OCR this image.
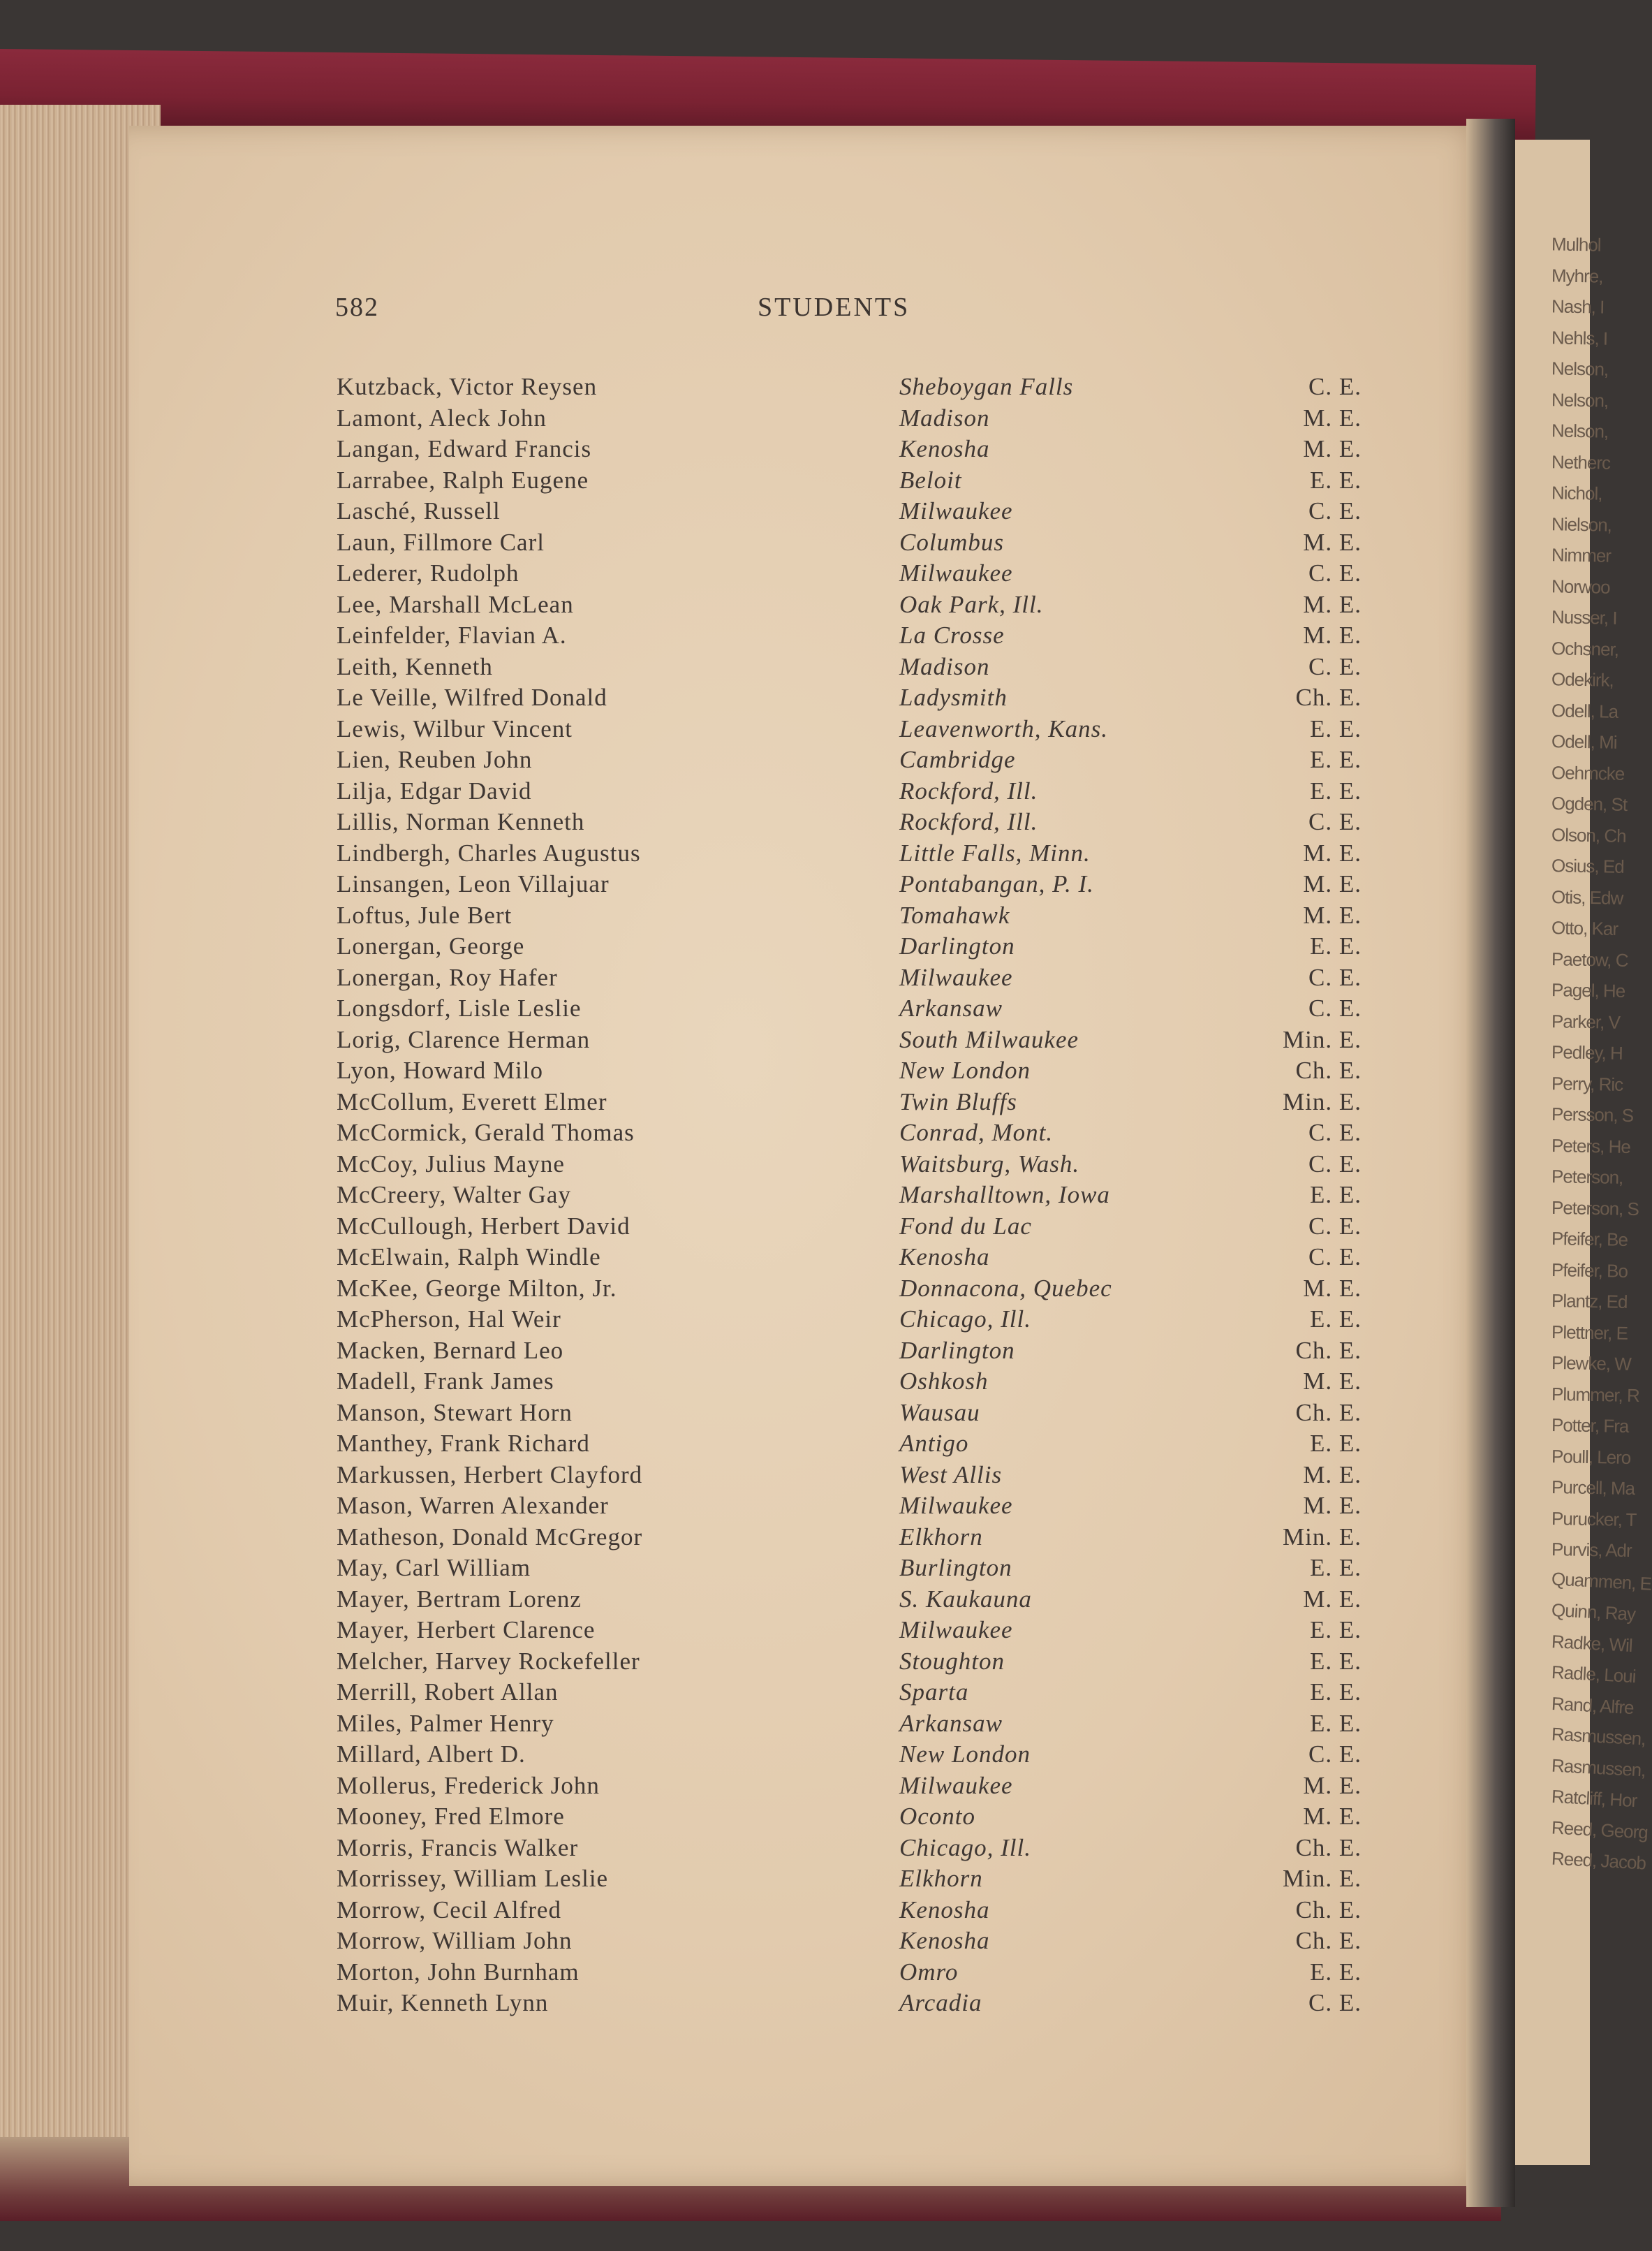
582	STUDENTS
Kutzback, Victor Reysen	Sheboygan Falls	C. E.
Lamont, Aleck John	Madison	M. E.
Langan, Edward Francis	Kenosha	M. E.
Larrabee, Ralph Eugene	Beloit	E. E.
Lasché, Russell	Milwaukee	C. E.
Laun, Fillmore Carl	Columbus	M. E.
Lederer, Rudolph	Milwaukee	C. E.
Lee, Marshall McLean	Oak Park, Ill.	M. E.
Leinfelder, Flavian A.	La Crosse	M. E.
Leith, Kenneth	Madison	C. E.
Le Veille, Wilfred Donald	Ladysmith	Ch. E.
Lewis, Wilbur Vincent	Leavenworth, Kans.	E. E.
Lien, Reuben John	Cambridge	E. E.
Lilja, Edgar David	Rockford, Ill.	E. E.
Lillis, Norman Kenneth	Rockford, Ill.	C. E.
Lindbergh, Charles Augustus	Little Falls, Minn.	M. E.
Linsangen, Leon Villajuar	Pontabangan, P. I.	M. E.
Loftus, Jule Bert	Tomahawk	M. E.
Lonergan, George	Darlington	E. E.
Lonergan, Roy Hafer	Milwaukee	C. E.
Longsdorf, Lisle Leslie	Arkansaw	C. E.
Lorig, Clarence Herman	South Milwaukee	Min. E.
Lyon, Howard Milo	New London	Ch. E.
McCollum, Everett Elmer	Twin Bluffs	Min. E.
McCormick, Gerald Thomas	Conrad, Mont.	C. E.
McCoy, Julius Mayne	Waitsburg, Wash.	C. E.
McCreery, Walter Gay	Marshalltown, Iowa	E. E.
McCullough, Herbert David	Fond du Lac	C. E.
McElwain, Ralph Windle	Kenosha	C. E.
McKee, George Milton, Jr.	Donnacona, Quebec	M. E.
McPherson, Hal Weir	Chicago, Ill.	E. E.
Macken, Bernard Leo	Darlington	Ch. E.
Madell, Frank James	Oshkosh	M. E.
Manson, Stewart Horn	Wausau	Ch. E.
Manthey, Frank Richard	Antigo	E. E.
Markussen, Herbert Clayford	West Allis	M. E.
Mason, Warren Alexander	Milwaukee	M. E.
Matheson, Donald McGregor	Elkhorn	Min. E.
May, Carl William	Burlington	E. E.
Mayer, Bertram Lorenz	S. Kaukauna	M. E.
Mayer, Herbert Clarence	Milwaukee	E. E.
Melcher, Harvey Rockefeller	Stoughton	E. E.
Merrill, Robert Allan	Sparta	E. E.
Miles, Palmer Henry	Arkansaw	E. E.
Millard, Albert D.	New London	C. E.
Mollerus, Frederick John	Milwaukee	M. E.
Mooney, Fred Elmore	Oconto	M. E.
Morris, Francis Walker	Chicago, Ill.	Ch. E.
Morrissey, William Leslie	Elkhorn	Min. E.
Morrow, Cecil Alfred	Kenosha	Ch. E.
Morrow, William John	Kenosha	Ch. E.
Morton, John Burnham	Omro	E. E.
Muir, Kenneth Lynn	Arcadia	C. E.
Mulhol
Myhre,
Nash, I
Nehls, I
Nelson,
Nelson,
Nelson,
Netherc
Nichol,
Nielson,
Nimmer
Norwoo
Nusser, I
Ochsner,
Odekirk,
Odell, La
Odell, Mi
Oehmcke
Ogden, St
Olson, Ch
Osius, Ed
Otis, Edw
Otto, Kar
Paetow, C
Pagel, He
Parker, V
Pedley, H
Perry, Ric
Persson, S
Peters, He
Peterson,
Peterson, S
Pfeifer, Be
Pfeifer, Bo
Plantz, Ed
Plettner, E
Plewke, W
Plummer, R
Potter, Fra
Poull, Lero
Purcell, Ma
Purucker, T
Purvis, Adr
Quammen, E
Quinn, Ray
Radke, Wil
Radle, Loui
Rand, Alfre
Rasmussen,
Rasmussen,
Ratcliff, Hor
Reed, Georg
Reed, Jacob
